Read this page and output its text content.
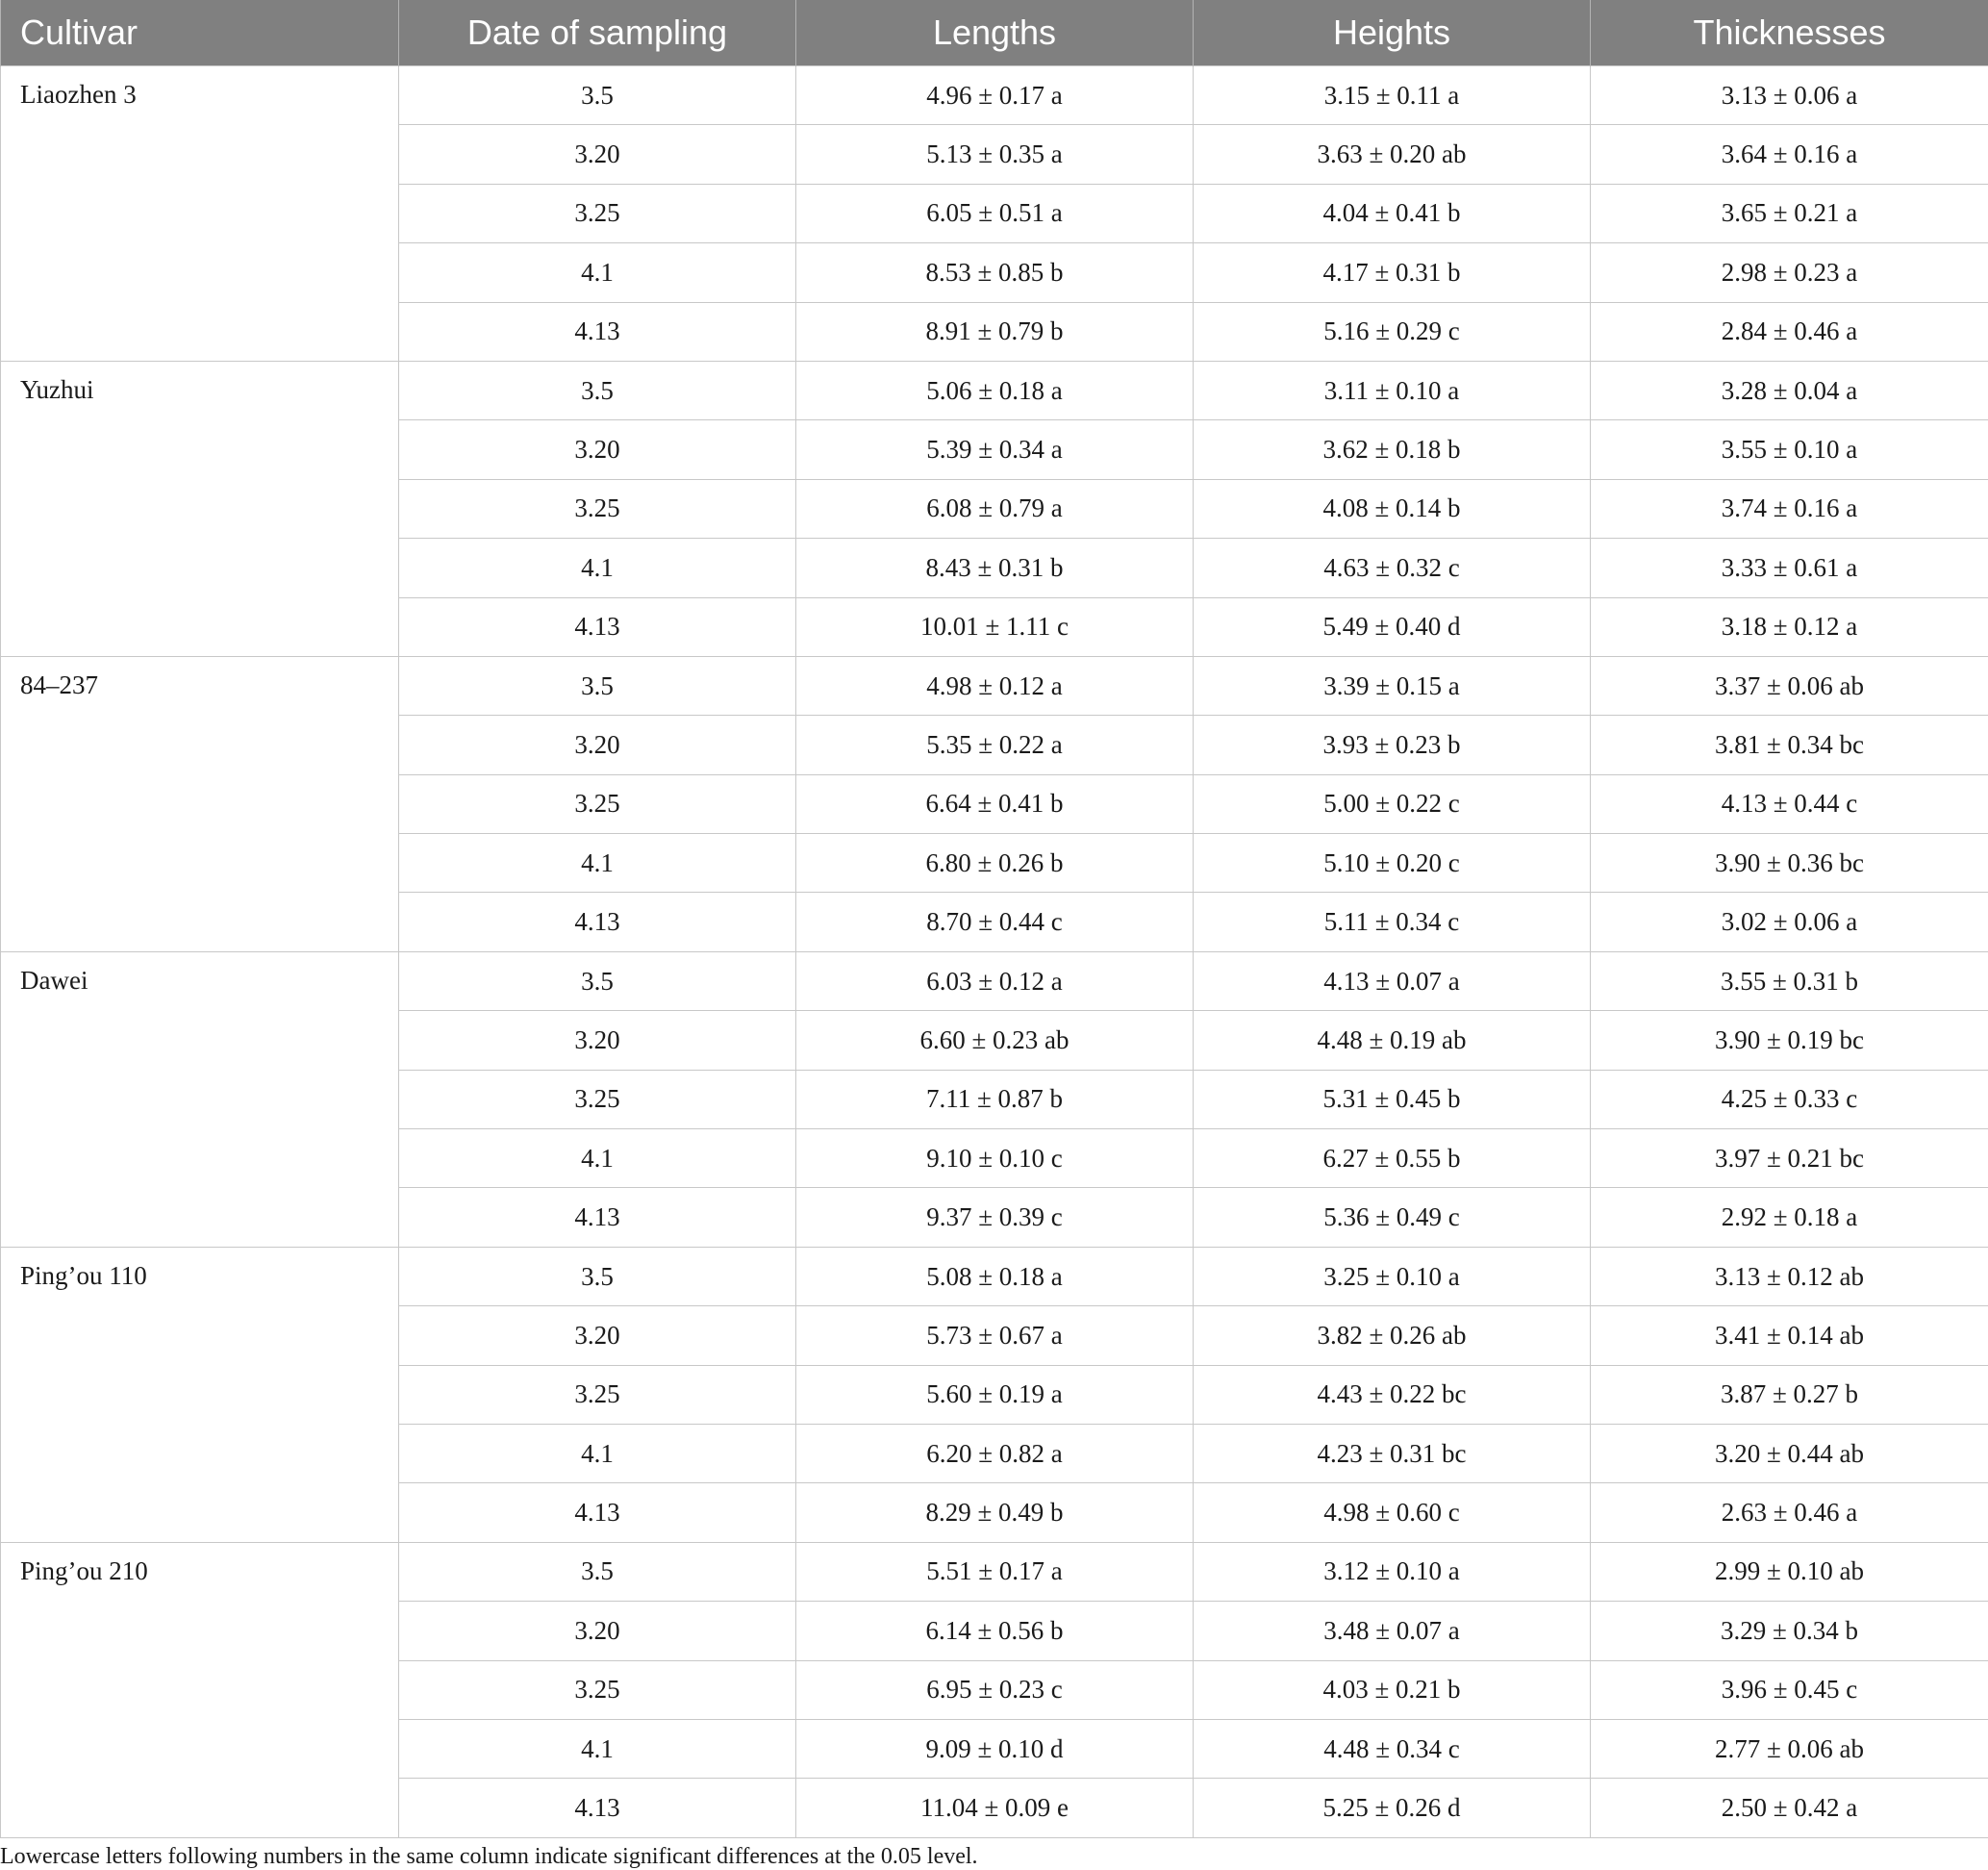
Cultivar	Date of sampling	Lengths	Heights	Thicknesses
Liaozhen 3	3.5	4.96 ± 0.17 a	3.15 ± 0.11 a	3.13 ± 0.06 a
	3.20	5.13 ± 0.35 a	3.63 ± 0.20 ab	3.64 ± 0.16 a
	3.25	6.05 ± 0.51 a	4.04 ± 0.41 b	3.65 ± 0.21 a
	4.1	8.53 ± 0.85 b	4.17 ± 0.31 b	2.98 ± 0.23 a
	4.13	8.91 ± 0.79 b	5.16 ± 0.29 c	2.84 ± 0.46 a
Yuzhui	3.5	5.06 ± 0.18 a	3.11 ± 0.10 a	3.28 ± 0.04 a
	3.20	5.39 ± 0.34 a	3.62 ± 0.18 b	3.55 ± 0.10 a
	3.25	6.08 ± 0.79 a	4.08 ± 0.14 b	3.74 ± 0.16 a
	4.1	8.43 ± 0.31 b	4.63 ± 0.32 c	3.33 ± 0.61 a
	4.13	10.01 ± 1.11 c	5.49 ± 0.40 d	3.18 ± 0.12 a
84–237	3.5	4.98 ± 0.12 a	3.39 ± 0.15 a	3.37 ± 0.06 ab
	3.20	5.35 ± 0.22 a	3.93 ± 0.23 b	3.81 ± 0.34 bc
	3.25	6.64 ± 0.41 b	5.00 ± 0.22 c	4.13 ± 0.44 c
	4.1	6.80 ± 0.26 b	5.10 ± 0.20 c	3.90 ± 0.36 bc
	4.13	8.70 ± 0.44 c	5.11 ± 0.34 c	3.02 ± 0.06 a
Dawei	3.5	6.03 ± 0.12 a	4.13 ± 0.07 a	3.55 ± 0.31 b
	3.20	6.60 ± 0.23 ab	4.48 ± 0.19 ab	3.90 ± 0.19 bc
	3.25	7.11 ± 0.87 b	5.31 ± 0.45 b	4.25 ± 0.33 c
	4.1	9.10 ± 0.10 c	6.27 ± 0.55 b	3.97 ± 0.21 bc
	4.13	9.37 ± 0.39 c	5.36 ± 0.49 c	2.92 ± 0.18 a
Ping’ou 110	3.5	5.08 ± 0.18 a	3.25 ± 0.10 a	3.13 ± 0.12 ab
	3.20	5.73 ± 0.67 a	3.82 ± 0.26 ab	3.41 ± 0.14 ab
	3.25	5.60 ± 0.19 a	4.43 ± 0.22 bc	3.87 ± 0.27 b
	4.1	6.20 ± 0.82 a	4.23 ± 0.31 bc	3.20 ± 0.44 ab
	4.13	8.29 ± 0.49 b	4.98 ± 0.60 c	2.63 ± 0.46 a
Ping’ou 210	3.5	5.51 ± 0.17 a	3.12 ± 0.10 a	2.99 ± 0.10 ab
	3.20	6.14 ± 0.56 b	3.48 ± 0.07 a	3.29 ± 0.34 b
	3.25	6.95 ± 0.23 c	4.03 ± 0.21 b	3.96 ± 0.45 c
	4.1	9.09 ± 0.10 d	4.48 ± 0.34 c	2.77 ± 0.06 ab
	4.13	11.04 ± 0.09 e	5.25 ± 0.26 d	2.50 ± 0.42 a

Lowercase letters following numbers in the same column indicate significant differences at the 0.05 level.
